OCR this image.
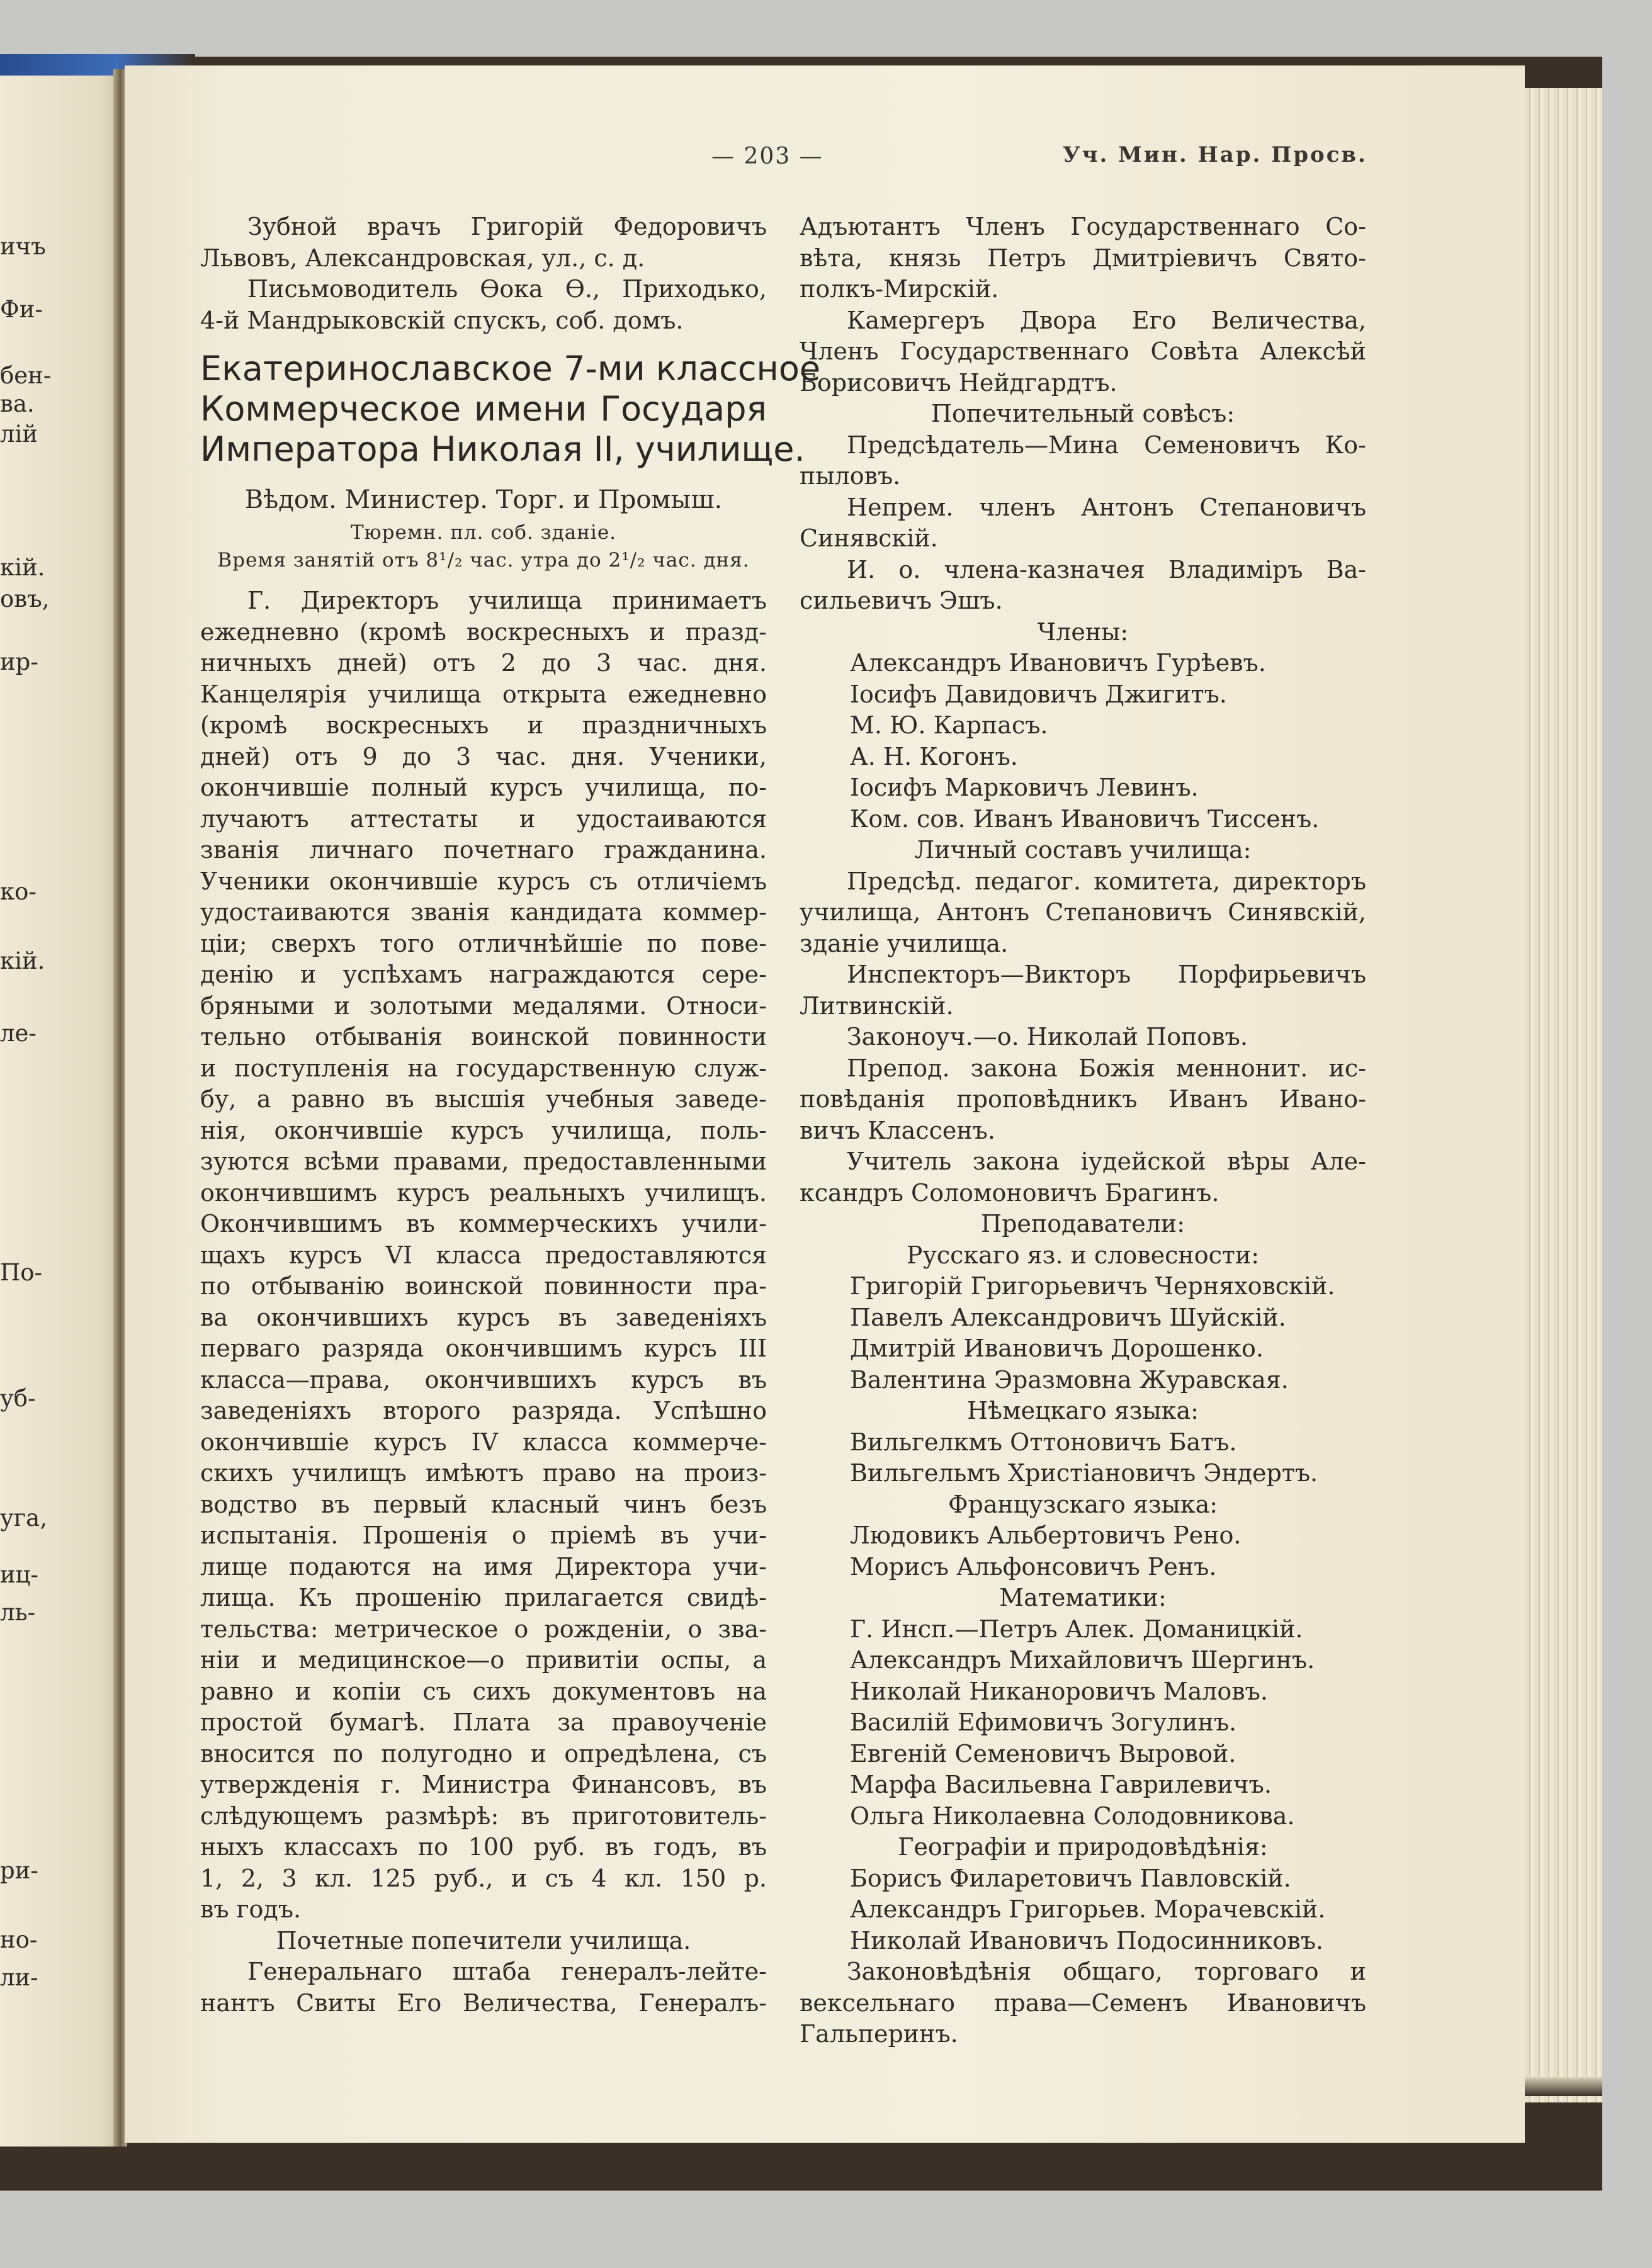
ичъ
Фи-
бен-
ва.
лiй
кiй.
овъ,
ир-
ко-
кiй.
ле-
По-
уб-
уга,
иц-
ль-
ри-
но-
ли-
— 203 —	Уч. Мин. Нар. Просв.
Зубной врачъ Григорiй Федоровичъ
Львовъ, Александровская, ул., с. д.
Письмоводитель Ѳока Ѳ., Приходько,
4-й Мандрыковскiй спускъ, соб. домъ.
Екатеринославское 7-ми классное
Коммерческое имени Государя
Императора Николая II, училище.
Вѣдом. Министер. Торг. и Промыш.
Тюремн. пл. соб. зданiе.
Время занятiй отъ 8¹/₂ час. утра до 2¹/₂ час. дня.
Г. Директоръ училища принимаетъ
ежедневно (кромѣ воскресныхъ и празд-
ничныхъ дней) отъ 2 до 3 час. дня.
Канцелярiя училища открыта ежедневно
(кромѣ воскресныхъ и праздничныхъ
дней) отъ 9 до 3 час. дня. Ученики,
окончившiе полный курсъ училища, по-
лучаютъ аттестаты и удостаиваются
званiя личнаго почетнаго гражданина.
Ученики окончившiе курсъ съ отличiемъ
удостаиваются званiя кандидата коммер-
цiи; сверхъ того отличнѣйшiе по пове-
денiю и успѣхамъ награждаются сере-
бряными и золотыми медалями. Относи-
тельно отбыванiя воинской повинности
и поступленiя на государственную служ-
бу, а равно въ высшiя учебныя заведе-
нiя, окончившiе курсъ училища, поль-
зуются всѣми правами, предоставленными
окончившимъ курсъ реальныхъ училищъ.
Окончившимъ въ коммерческихъ учили-
щахъ курсъ VI класса предоставляются
по отбыванiю воинской повинности пра-
ва окончившихъ курсъ въ заведенiяхъ
перваго разряда окончившимъ курсъ III
класса—права, окончившихъ курсъ въ
заведенiяхъ второго разряда. Успѣшно
окончившiе курсъ IV класса коммерче-
скихъ училищъ имѣютъ право на произ-
водство въ первый класный чинъ безъ
испытанiя. Прошенiя о прiемѣ въ учи-
лище подаются на имя Директора учи-
лища. Къ прошенiю прилагается свидѣ-
тельства: метрическое о рожденiи, о зва-
нiи и медицинское—о привитiи оспы, а
равно и копiи съ сихъ документовъ на
простой бумагѣ. Плата за правоученiе
вносится по полугодно и опредѣлена, съ
утвержденiя г. Министра Финансовъ, въ
слѣдующемъ размѣрѣ: въ приготовитель-
ныхъ классахъ по 100 руб. въ годъ, въ
1, 2, 3 кл. 125 руб., и съ 4 кл. 150 р.
въ годъ.
Почетные попечители училища.
Генеральнаго штаба генералъ-лейте-
нантъ Свиты Его Величества, Генералъ-
Адъютантъ Членъ Государственнаго Со-
вѣта, князь Петръ Дмитрiевичъ Свято-
полкъ-Мирскiй.
Камергеръ Двора Его Величества,
Членъ Государственнаго Совѣта Алексѣй
Борисовичъ Нейдгардтъ.
Попечительный совѣсъ:
Предсѣдатель—Мина Семеновичъ Ко-
пыловъ.
Непрем. членъ Антонъ Степановичъ
Синявскiй.
И. о. члена-казначея Владимiръ Ва-
сильевичъ Эшъ.
Члены:
Александръ Ивановичъ Гурѣевъ.
Iосифъ Давидовичъ Джигитъ.
М. Ю. Карпасъ.
А. Н. Когонъ.
Iосифъ Марковичъ Левинъ.
Ком. сов. Иванъ Ивановичъ Тиссенъ.
Личный составъ училища:
Предсѣд. педагог. комитета, директоръ
училища, Антонъ Степановичъ Синявскiй,
зданiе училища.
Инспекторъ—Викторъ Порфирьевичъ
Литвинскiй.
Законоуч.—о. Николай Поповъ.
Препод. закона Божiя меннонит. ис-
повѣданiя проповѣдникъ Иванъ Ивано-
вичъ Классенъ.
Учитель закона iудейской вѣры Але-
ксандръ Соломоновичъ Брагинъ.
Преподаватели:
Русскаго яз. и словесности:
Григорiй Григорьевичъ Черняховскiй.
Павелъ Александровичъ Шуйскiй.
Дмитрiй Ивановичъ Дорошенко.
Валентина Эразмовна Журавская.
Нѣмецкаго языка:
Вильгелкмъ Оттоновичъ Батъ.
Вильгельмъ Христiановичъ Эндертъ.
Французскаго языка:
Людовикъ Альбертовичъ Рено.
Морисъ Альфонсовичъ Ренъ.
Математики:
Г. Инсп.—Петръ Алек. Доманицкiй.
Александръ Михайловичъ Шергинъ.
Николай Никаноровичъ Маловъ.
Василiй Ефимовичъ Зогулинъ.
Евгенiй Семеновичъ Выровой.
Марфа Васильевна Гаврилевичъ.
Ольга Николаевна Солодовникова.
Географiи и природовѣдѣнiя:
Борисъ Филаретовичъ Павловскiй.
Александръ Григорьев. Морачевскiй.
Николай Ивановичъ Подосинниковъ.
Законовѣдѣнiя общаго, торговаго и
вексельнаго права—Семенъ Ивановичъ
Гальперинъ.
